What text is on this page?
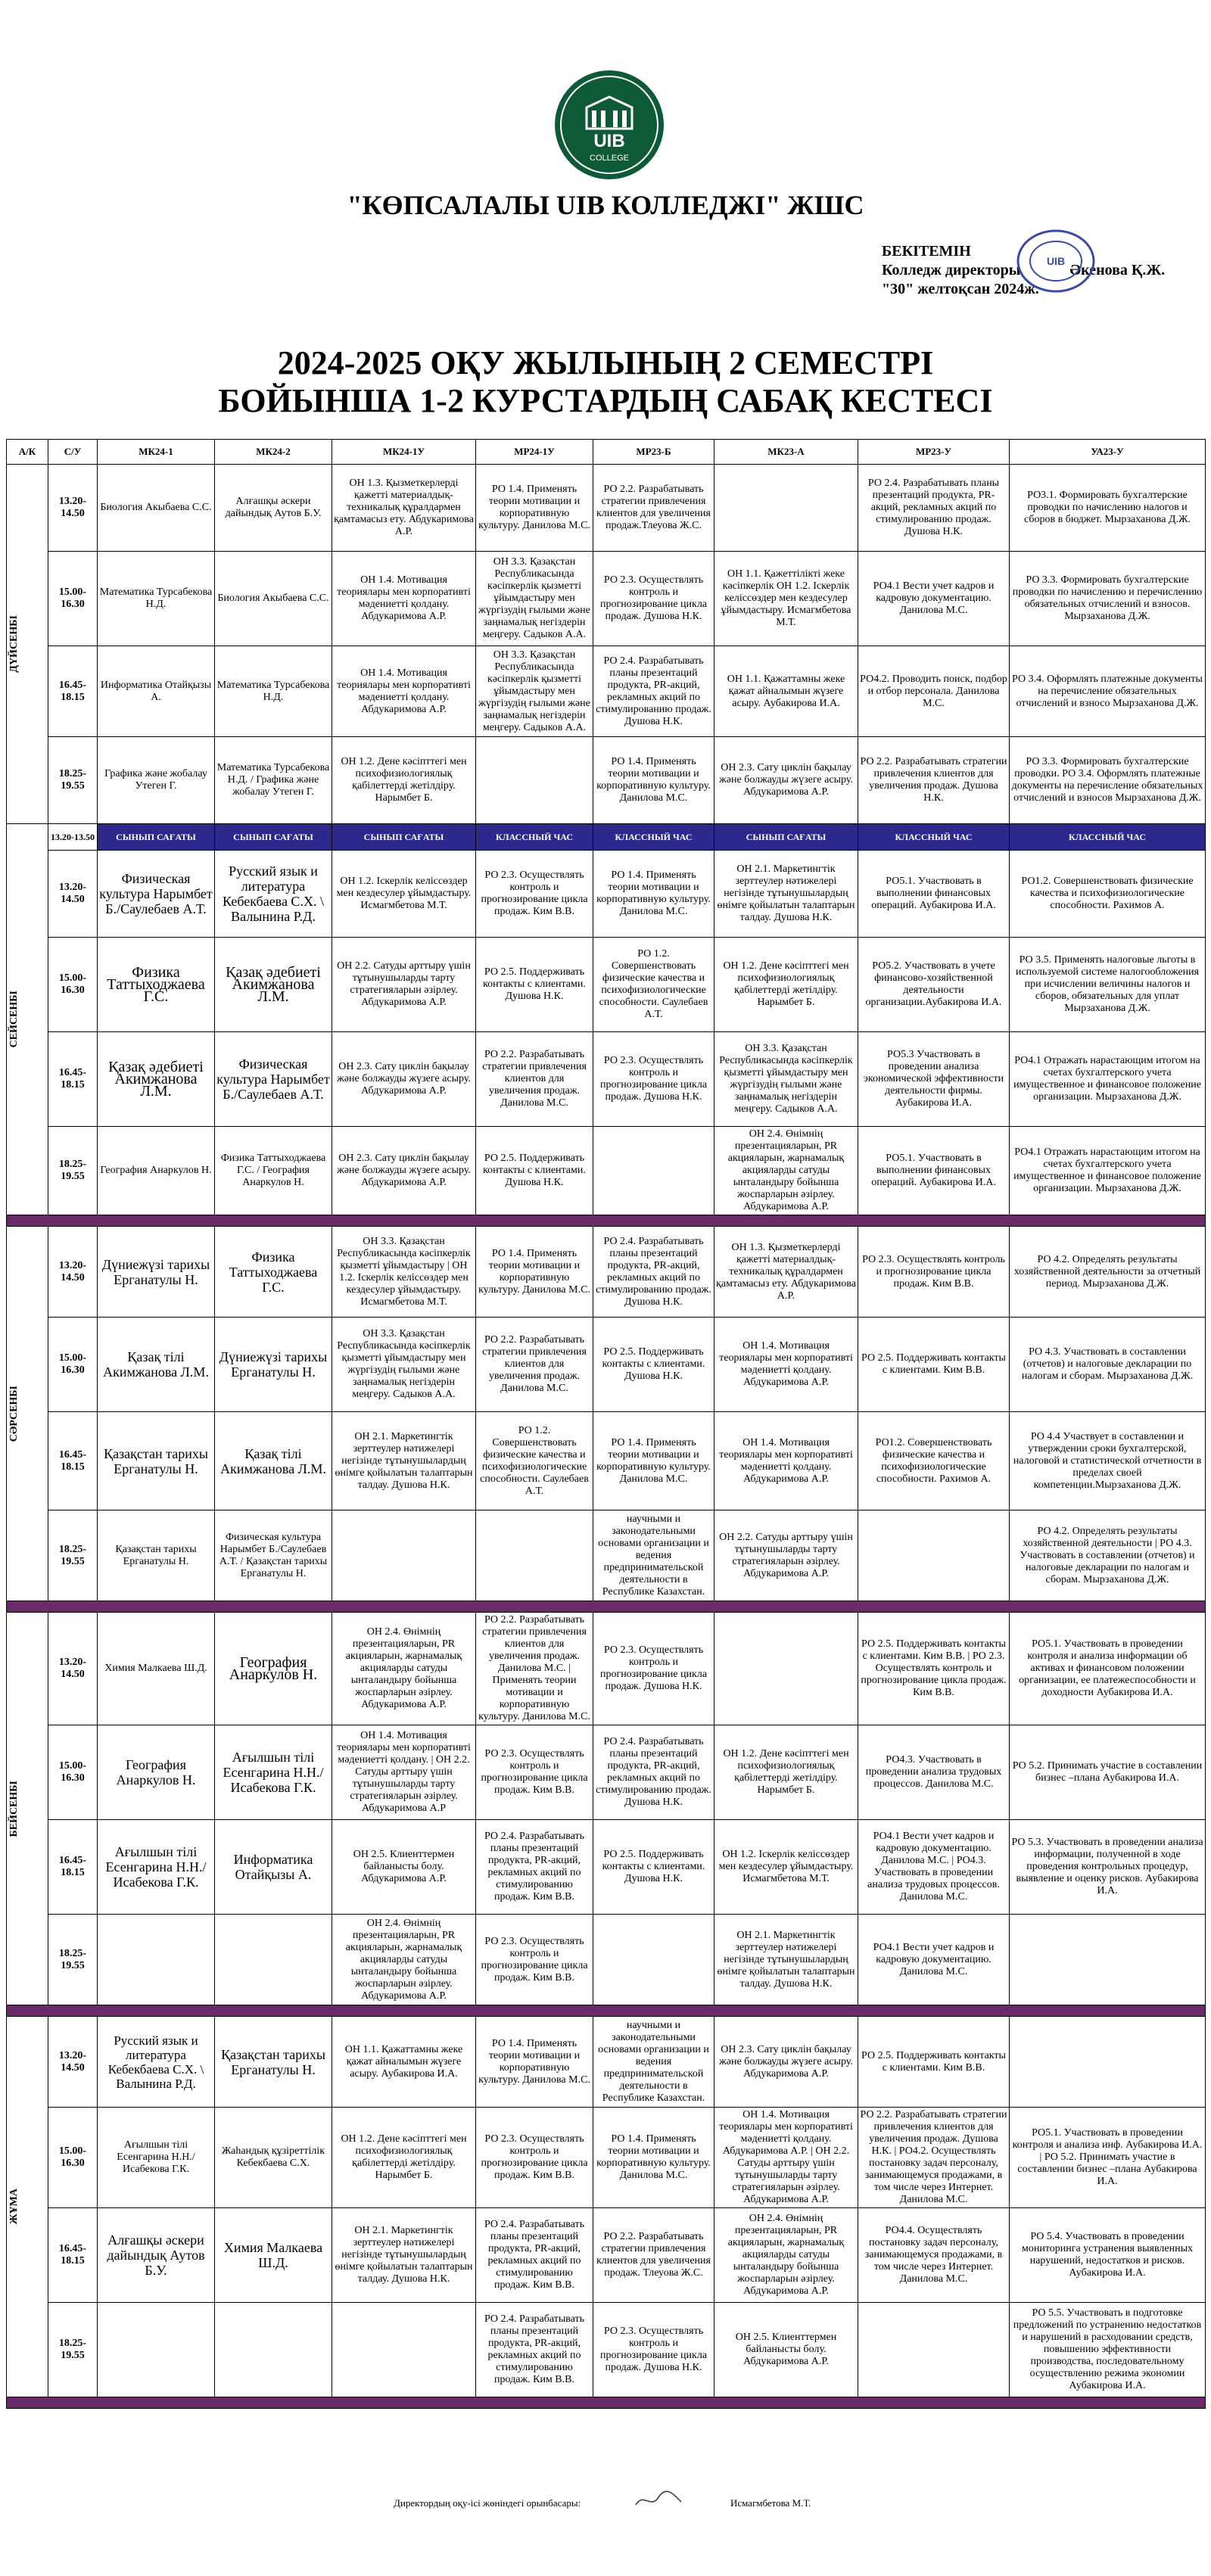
UIB
COLLEGE
"КӨПСАЛАЛЫ UIB КОЛЛЕДЖІ" ЖШС
БЕКІТЕМІН
Колледж директоры	Әкенова Қ.Ж.
"30" желтоқсан 2024ж.
UIB
2024-2025 ОҚУ ЖЫЛЫНЫҢ 2 СЕМЕСТРІ
БОЙЫНША 1-2 КУРСТАРДЫҢ САБАҚ КЕСТЕСІ
А/К	С/У	МК24-1	МК24-2	МК24-1У	МР24-1У	МР23-Б	МК23-А	МР23-У	УА23-У

ДҮЙСЕНБІ	13.20-14.50	Биология Акыбаева С.С.	Алғашқы әскери дайындық Аутов Б.У.	ОН 1.3. Қызметкерлерді қажетті материалдық-техникалық құралдармен қамтамасыз ету. Абдукаримова А.Р.	РО 1.4. Применять теории мотивации и корпоративную культуру. Данилова М.С.	РО 2.2. Разрабатывать стратегии привлечения клиентов для увеличения продаж.Тлеуова Ж.С.		РО 2.4. Разрабатывать планы презентаций продукта, PR-акций, рекламных акций по стимулированию продаж. Душова Н.К.	РО3.1. Формировать бухгалтерские проводки по начислению налогов и сборов в бюджет. Мырзаханова Д.Ж.
	15.00-16.30	Математика Турсабекова Н.Д.	Биология Акыбаева С.С.	ОН 1.4. Мотивация теориялары мен корпоративті мәдениетті қолдану. Абдукаримова А.Р.	ОН 3.3. Қазақстан Республикасында кәсіпкерлік қызметті ұйымдастыру мен жүргізудің ғылыми және заңнамалық негіздерін меңгеру. Садыков А.А.	РО 2.3. Осуществлять контроль и прогнозирование цикла продаж. Душова Н.К.	ОН 1.1. Қажеттілікті жеке кәсіпкерлік ОН 1.2. Іскерлік келіссөздер мен кездесулер ұйымдастыру. Исмагмбетова М.Т.	РО4.1 Вести учет кадров и кадровую документацию. Данилова М.С.	РО 3.3. Формировать бухгалтерские проводки по начислению и перечислению обязательных отчислений и взносов. Мырзаханова Д.Ж.
	16.45-18.15	Информатика Отайқызы А.	Математика Турсабекова Н.Д.	ОН 1.4. Мотивация теориялары мен корпоративті мәдениетті қолдану. Абдукаримова А.Р.	ОН 3.3. Қазақстан Республикасында кәсіпкерлік қызметті ұйымдастыру мен жүргізудің ғылыми және заңнамалық негіздерін меңгеру. Садыков А.А.	РО 2.4. Разрабатывать планы презентаций продукта, PR-акций, рекламных акций по стимулированию продаж. Душова Н.К.	ОН 1.1. Қажаттамны жеке қажат айналымын жүзеге асыру. Аубакирова И.А.	РО4.2. Проводить поиск, подбор и отбор персонала. Данилова М.С.	РО 3.4. Оформлять платежные документы на перечисление обязательных отчислений и взносо Мырзаханова Д.Ж.
	18.25-19.55	Графика және жобалау Утеген Г.	Математика Турсабекова Н.Д. / Графика және жобалау Утеген Г.	ОН 1.2. Дене кәсіпттегі мен психофизиологиялық қабілеттерді жетілдіру. Нарымбет Б.		РО 1.4. Применять теории мотивации и корпоративную культуру. Данилова М.С.	ОН 2.3. Сату циклін бақылау және болжауды жүзеге асыру. Абдукаримова А.Р.	РО 2.2. Разрабатывать стратегии привлечения клиентов для увеличения продаж. Душова Н.К.	РО 3.3. Формировать бухгалтерские проводки. РО 3.4. Оформлять платежные документы на перечисление обязательных отчислений и взносов Мырзаханова Д.Ж.

СЕЙСЕНБІ	13.20-13.50	СЫНЫП САҒАТЫ	СЫНЫП САҒАТЫ	СЫНЫП САҒАТЫ	КЛАССНЫЙ ЧАС	КЛАССНЫЙ ЧАС	СЫНЫП САҒАТЫ	КЛАССНЫЙ ЧАС	КЛАССНЫЙ ЧАС
	13.20-14.50	Физическая культура Нарымбет Б./Саулебаев А.Т.	Русский язык и литература Кебекбаева С.Х. \ Валынина Р.Д.	ОН 1.2. Іскерлік келіссөздер мен кездесулер ұйымдастыру. Исмагмбетова М.Т.	РО 2.3. Осуществлять контроль и прогнозирование цикла продаж. Ким В.В.	РО 1.4. Применять теории мотивации и корпоративную культуру. Данилова М.С.	ОН 2.1. Маркетингтік зерттеулер нәтижелері негізінде тұтынушылардың өнімге қойылатын талаптарын талдау. Душова Н.К.	РО5.1. Участвовать в выполнении финансовых операций. Аубакирова И.А.	РО1.2. Совершенствовать физические качества и психофизиологические способности. Рахимов А.
	15.00-16.30	Физика Таттыходжаева Г.С.	Қазақ әдебиеті Акимжанова Л.М.	ОН 2.2. Сатуды арттыру үшін тұтынушыларды тарту стратегияларын әзірлеу. Абдукаримова А.Р.	РО 2.5. Поддерживать контакты с клиентами. Душова Н.К.	РО 1.2. Совершенствовать физические качества и психофизиологические способности. Саулебаев А.Т.	ОН 1.2. Дене кәсіпттегі мен психофизиологиялық қабілеттерді жетілдіру. Нарымбет Б.	РО5.2. Участвовать в учете финансово-хозяйственной деятельности организации.Аубакирова И.А.	РО 3.5. Применять налоговые льготы в используемой системе налогообложения при исчислении величины налогов и сборов, обязательных для уплат Мырзаханова Д.Ж.
	16.45-18.15	Қазақ әдебиеті Акимжанова Л.М.	Физическая культура Нарымбет Б./Саулебаев А.Т.	ОН 2.3. Сату циклін бақылау және болжауды жүзеге асыру. Абдукаримова А.Р.	РО 2.2. Разрабатывать стратегии привлечения клиентов для увеличения продаж. Данилова М.С.	РО 2.3. Осуществлять контроль и прогнозирование цикла продаж. Душова Н.К.	ОН 3.3. Қазақстан Республикасында кәсіпкерлік қызметті ұйымдастыру мен жүргізудің ғылыми және заңнамалық негіздерін меңгеру. Садыков А.А.	РО5.3 Участвовать в проведении анализа экономической эффективности деятельности фирмы. Аубакирова И.А.	РО4.1 Отражать нарастающим итогом на счетах бухгалтерского учета имущественное и финансовое положение организации. Мырзаханова Д.Ж.
	18.25-19.55	География Анаркулов Н.	Физика Таттыходжаева Г.С. / География Анаркулов Н.	ОН 2.3. Сату циклін бақылау және болжауды жүзеге асыру. Абдукаримова А.Р.	РО 2.5. Поддерживать контакты с клиентами. Душова Н.К.		ОН 2.4. Өнімнің презентацияларын, PR акцияларын, жарнамалық акцияларды сатуды ынталандыру бойынша жоспарларын әзірлеу. Абдукаримова А.Р.	РО5.1. Участвовать в выполнении финансовых операций. Аубакирова И.А.	РО4.1 Отражать нарастающим итогом на счетах бухгалтерского учета имущественное и финансовое положение организации. Мырзаханова Д.Ж.

СӘРСЕНБІ	13.20-14.50	Дүниежүзі тарихы Ерганатулы Н.	Физика Таттыходжаева Г.С.	ОН 3.3. Қазақстан Республикасында кәсіпкерлік қызметті ұйымдастыру | ОН 1.2. Іскерлік келіссөздер мен кездесулер ұйымдастыру. Исмагмбетова М.Т.	РО 1.4. Применять теории мотивации и корпоративную культуру. Данилова М.С.	РО 2.4. Разрабатывать планы презентаций продукта, PR-акций, рекламных акций по стимулированию продаж. Душова Н.К.	ОН 1.3. Қызметкерлерді қажетті материалдық-техникалық құралдармен қамтамасыз ету. Абдукаримова А.Р.	РО 2.3. Осуществлять контроль и прогнозирование цикла продаж. Ким В.В.	РО 4.2. Определять результаты хозяйственной деятельности за отчетный период. Мырзаханова Д.Ж.
	15.00-16.30	Қазақ тілі Акимжанова Л.М.	Дүниежүзі тарихы Ерганатулы Н.	ОН 3.3. Қазақстан Республикасында кәсіпкерлік қызметті ұйымдастыру мен жүргізудің ғылыми және заңнамалық негіздерін меңгеру. Садыков А.А.	РО 2.2. Разрабатывать стратегии привлечения клиентов для увеличения продаж. Данилова М.С.	РО 2.5. Поддерживать контакты с клиентами. Душова Н.К.	ОН 1.4. Мотивация теориялары мен корпоративті мәдениетті қолдану. Абдукаримова А.Р.	РО 2.5. Поддерживать контакты с клиентами. Ким В.В.	РО 4.3. Участвовать в составлении (отчетов) и налоговые декларации по налогам и сборам. Мырзаханова Д.Ж.
	16.45-18.15	Қазақстан тарихы Ерганатулы Н.	Қазақ тілі Акимжанова Л.М.	ОН 2.1. Маркетингтік зерттеулер нәтижелері негізінде тұтынушылардың өнімге қойылатын талаптарын талдау. Душова Н.К.	РО 1.2. Совершенствовать физические качества и психофизиологические способности. Саулебаев А.Т.	РО 1.4. Применять теории мотивации и корпоративную культуру. Данилова М.С.	ОН 1.4. Мотивация теориялары мен корпоративті мәдениетті қолдану. Абдукаримова А.Р.	РО1.2. Совершенствовать физические качества и психофизиологические способности. Рахимов А.	РО 4.4 Участвует в составлении и утверждении сроки бухгалтерской, налоговой и статистической отчетности в пределах своей компетенции.Мырзаханова Д.Ж.
	18.25-19.55	Қазақстан тарихы Ерганатулы Н.	Физическая культура Нарымбет Б./Саулебаев А.Т. / Қазақстан тарихы Ерганатулы Н.			научными и законодательными основами организации и ведения предпринимательской деятельности в Республике Казахстан.	ОН 2.2. Сатуды арттыру үшін тұтынушыларды тарту стратегияларын әзірлеу. Абдукаримова А.Р.		РО 4.2. Определять результаты хозяйственной деятельности | РО 4.3. Участвовать в составлении (отчетов) и налоговые декларации по налогам и сборам. Мырзаханова Д.Ж.

БЕЙСЕНБІ	13.20-14.50	Химия Малкаева Ш.Д.	География Анаркулов Н.	ОН 2.4. Өнімнің презентацияларын, PR акцияларын, жарнамалық акцияларды сатуды ынталандыру бойынша жоспарларын әзірлеу. Абдукаримова А.Р.	РО 2.2. Разрабатывать стратегии привлечения клиентов для увеличения продаж. Данилова М.С. | Применять теории мотивации и корпоративную культуру. Данилова М.С.	РО 2.3. Осуществлять контроль и прогнозирование цикла продаж. Душова Н.К.		РО 2.5. Поддерживать контакты с клиентами. Ким В.В. | РО 2.3. Осуществлять контроль и прогнозирование цикла продаж. Ким В.В.	РО5.1. Участвовать в проведении контроля и анализа информации об активах и финансовом положении организации, ее платежеспособности и доходности Аубакирова И.А.
	15.00-16.30	География Анаркулов Н.	Ағылшын тілі Есенгарина Н.Н./Исабекова Г.К.	ОН 1.4. Мотивация теориялары мен корпоративті мәдениетті қолдану. | ОН 2.2. Сатуды арттыру үшін тұтынушыларды тарту стратегияларын әзірлеу. Абдукаримова А.Р	РО 2.3. Осуществлять контроль и прогнозирование цикла продаж. Ким В.В.	РО 2.4. Разрабатывать планы презентаций продукта, PR-акций, рекламных акций по стимулированию продаж. Душова Н.К.	ОН 1.2. Дене кәсіпттегі мен психофизиологиялық қабілеттерді жетілдіру. Нарымбет Б.	РО4.3. Участвовать в проведении анализа трудовых процессов. Данилова М.С.	РО 5.2. Принимать участие в составлении бизнес –плана Аубакирова И.А.
	16.45-18.15	Ағылшын тілі Есенгарина Н.Н./Исабекова Г.К.	Информатика Отайқызы А.	ОН 2.5. Клиенттермен байланысты болу. Абдукаримова А.Р.	РО 2.4. Разрабатывать планы презентаций продукта, PR-акций, рекламных акций по стимулированию продаж. Ким В.В.	РО 2.5. Поддерживать контакты с клиентами. Душова Н.К.	ОН 1.2. Іскерлік келіссөздер мен кездесулер ұйымдастыру. Исмагмбетова М.Т.	РО4.1 Вести учет кадров и кадровую документацию. Данилова М.С. | РО4.3. Участвовать в проведении анализа трудовых процессов. Данилова М.С.	РО 5.3. Участвовать в проведении анализа информации, полученной в ходе проведения контрольных процедур, выявление и оценку рисков. Аубакирова И.А.
	18.25-19.55			ОН 2.4. Өнімнің презентацияларын, PR акцияларын, жарнамалық акцияларды сатуды ынталандыру бойынша жоспарларын әзірлеу. Абдукаримова А.Р.	РО 2.3. Осуществлять контроль и прогнозирование цикла продаж. Ким В.В.		ОН 2.1. Маркетингтік зерттеулер нәтижелері негізінде тұтынушылардың өнімге қойылатын талаптарын талдау. Душова Н.К.	РО4.1 Вести учет кадров и кадровую документацию. Данилова М.С.	

ЖҰМА	13.20-14.50	Русский язык и литература Кебекбаева С.Х. \ Валынина Р.Д.	Қазақстан тарихы Ерганатулы Н.	ОН 1.1. Қажаттамны жеке қажат айналымын жүзеге асыру. Аубакирова И.А.	РО 1.4. Применять теории мотивации и корпоративную культуру. Данилова М.С.	научными и законодательными основами организации и ведения предпринимательской деятельности в Республике Казахстан.	ОН 2.3. Сату циклін бақылау және болжауды жүзеге асыру. Абдукаримова А.Р.	РО 2.5. Поддерживать контакты с клиентами. Ким В.В.	
	15.00-16.30	Ағылшын тілі Есенгарина Н.Н./Исабекова Г.К.	Жаһандық құзіреттілік Кебекбаева С.Х.	ОН 1.2. Дене кәсіпттегі мен психофизиологиялық қабілеттерді жетілдіру. Нарымбет Б.	РО 2.3. Осуществлять контроль и прогнозирование цикла продаж. Ким В.В.	РО 1.4. Применять теории мотивации и корпоративную культуру. Данилова М.С.	ОН 1.4. Мотивация теориялары мен корпоративті мәдениетті қолдану. Абдукаримова А.Р. | ОН 2.2. Сатуды арттыру үшін тұтынушыларды тарту стратегияларын әзірлеу. Абдукаримова А.Р.	РО 2.2. Разрабатывать стратегии привлечения клиентов для увеличения продаж. Душова Н.К. | РО4.2. Осуществлять постановку задач персоналу, занимающемуся продажами, в том числе через Интернет. Данилова М.С.	РО5.1. Участвовать в проведении контроля и анализа инф. Аубакирова И.А. | РО 5.2. Принимать участие в составлении бизнес –плана Аубакирова И.А.
	16.45-18.15	Алғашқы әскери дайындық Аутов Б.У.	Химия Малкаева Ш.Д.	ОН 2.1. Маркетингтік зерттеулер нәтижелері негізінде тұтынушылардың өнімге қойылатын талаптарын талдау. Душова Н.К.	РО 2.4. Разрабатывать планы презентаций продукта, PR-акций, рекламных акций по стимулированию продаж. Ким В.В.	РО 2.2. Разрабатывать стратегии привлечения клиентов для увеличения продаж. Тлеуова Ж.С.	ОН 2.4. Өнімнің презентацияларын, PR акцияларын, жарнамалық акцияларды сатуды ынталандыру бойынша жоспарларын әзірлеу. Абдукаримова А.Р.	РО4.4. Осуществлять постановку задач персоналу, занимающемуся продажами, в том числе через Интернет. Данилова М.С.	РО 5.4. Участвовать в проведении мониторинга устранения выявленных нарушений, недостатков и рисков. Аубакирова И.А.
	18.25-19.55				РО 2.4. Разрабатывать планы презентаций продукта, PR-акций, рекламных акций по стимулированию продаж. Ким В.В.	РО 2.3. Осуществлять контроль и прогнозирование цикла продаж. Душова Н.К.	ОН 2.5. Клиенттермен байланысты болу. Абдукаримова А.Р.		РО 5.5. Участвовать в подготовке предложений по устранению недостатков и нарушений в расходовании средств, повышению эффективности производства, последовательному осуществлению режима экономии Аубакирова И.А.

Директордың оқу-ісі жөніндегі орынбасары:	Исмагмбетова М.Т.
